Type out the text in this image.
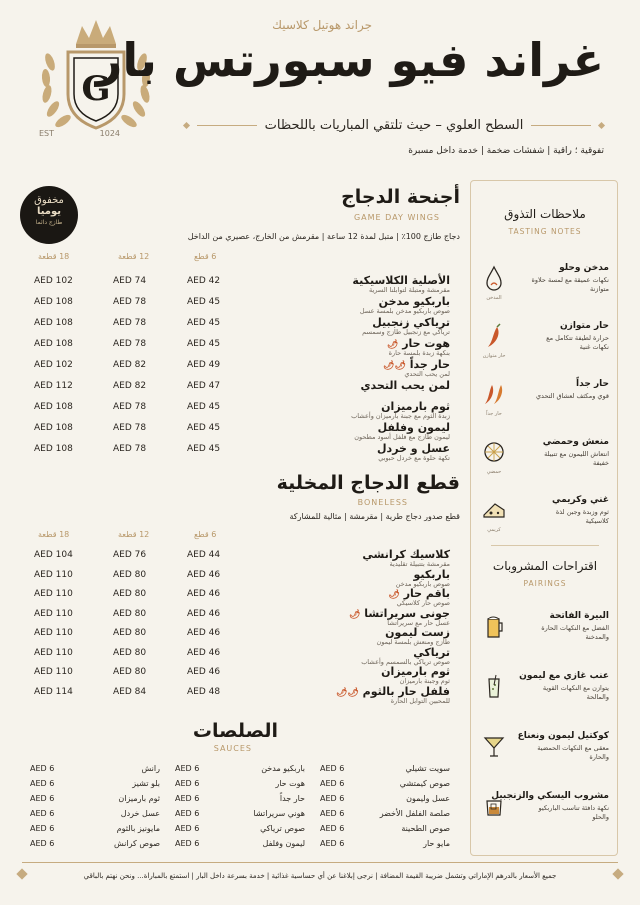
G
EST	1024
جراند هوتيل كلاسيك
غراند فيو سبورتس بار
السطح العلوي – حيث تلتقي المباريات باللحظات
تفوقية ؛ راقية | شفشات ضخمة | خدمة داخل مسبرة
مخفوق
يوميا
طازج دائما
أجنحة الدجاج
GAME DAY WINGS
دجاج طازج 100٪ | متبل لمدة 12 ساعة | مقرمش من الخارج، عصيري من الداخل
6 قطع
12 قطعة
18 قطعة
الأصلية الكلاسيكية
مقرمشة ومتبلة لتوابلنا السرية
AED 42
AED 74
AED 102
باربكيو مدخن
صوص باربكيو مدخن بلمسة عسل
AED 45
AED 78
AED 108
ترياكي زنجبيل
ترياكي مع زنجبيل طازج وسمسم
AED 45
AED 78
AED 108
هوت حار 🌶
بنكهة زبدة بلمسة حارة
AED 45
AED 78
AED 108
حار جداً 🌶🌶
لمن يحب التحدي
AED 49
AED 82
AED 102
لمن يحب التحدي
AED 47
AED 82
AED 112
ثوم بارميزان
زبدة الثوم مع جبنة بارميزان وأعشاب
AED 45
AED 78
AED 108
ليمون وفلفل
ليمون طازج مع فلفل أسود مطحون
AED 45
AED 78
AED 108
عسل و خردل
تكهة حلوة مع خردل حبوبي
AED 45
AED 78
AED 108
قطع الدجاج المخلية
BONELESS
قطع صدور دجاج طرية | مقرمشة | مثالية للمشاركة
6 قطع
12 قطعة
18 قطعة
كلاسيك كرانشي
مقرمشة بتتبيلة تقليدية
AED 44
AED 76
AED 104
باربكيو
صوص باربكيو مدخن
AED 46
AED 80
AED 110
باقم حار 🌶
صوص حار كلاسيكي
AED 46
AED 80
AED 110
جونى سريراتشا 🌶
عسل حار مع سريراتشا
AED 46
AED 80
AED 110
زست ليمون
طازج ومنعش بلمسة ليمون
AED 46
AED 80
AED 110
ترياكي
صوص ترياكي بالسمسم وأعشاب
AED 46
AED 80
AED 110
ثوم بارميزان
ثوم وجبنة بارميزان
AED 46
AED 80
AED 110
فلفل حار بالثوم 🌶🌶
للمحبين التوابل الحارة
AED 48
AED 84
AED 114
الصلصات
SAUCES
سويت تشيلي
AED 6
صوص كيمتشي
AED 6
عسل وليمون
AED 6
صلصة الفلفل الأخضر
AED 6
صوص الطحينة
AED 6
مايو حار
AED 6
باربكيو مدخن
AED 6
هوت حار
AED 6
حار جداً
AED 6
هوني سريراتشا
AED 6
صوص ترياكي
AED 6
ليمون وفلفل
AED 6
رانش
AED 6
بلو تشيز
AED 6
ثوم بارميزان
AED 6
عسل خردل
AED 6
مايونيز بالثوم
AED 6
صوص كرانش
AED 6
ملاحظات التذوق
TASTING NOTES
مدخن وحلو
نكهات عميقة مع لمسة حلاوة متوازنة
المدخن
حار متوازن
حرارة لطيفة تتكامل مع نكهات غنية
حار متوازن
حار جداً
قوي ومكثف لعشاق التحدي
حار جداً
منعش وحمضي
انتعاش الليمون مع تتبيلة خفيفة
حمضي
غني وكريمي
ثوم وزبدة وجبن لذة كلاسيكية
كريمي
اقتراحات المشروبات
PAIRINGS
البيرة الفاتحة
الفضل مع النكهات الحارة والمدخنة
عنب غازي مع ليمون
يتوازن مع النكهات القوية والمالحة
كوكتيل ليمون ونعناع
معقى مع النكهات الحمضية والحارة
مشروب اليسكي والزنجبيل
نكهة دافئة تناسب الباربكيو والحلو
جميع الأسعار بالدرهم الإماراتي وتشمل ضريبة القيمة المضافة | نرجى إبلاغنا عن أي حساسية غذائية | خدمة بسرعة داخل البار | استمتع بالمباراة... ونحن نهتم بالباقي
